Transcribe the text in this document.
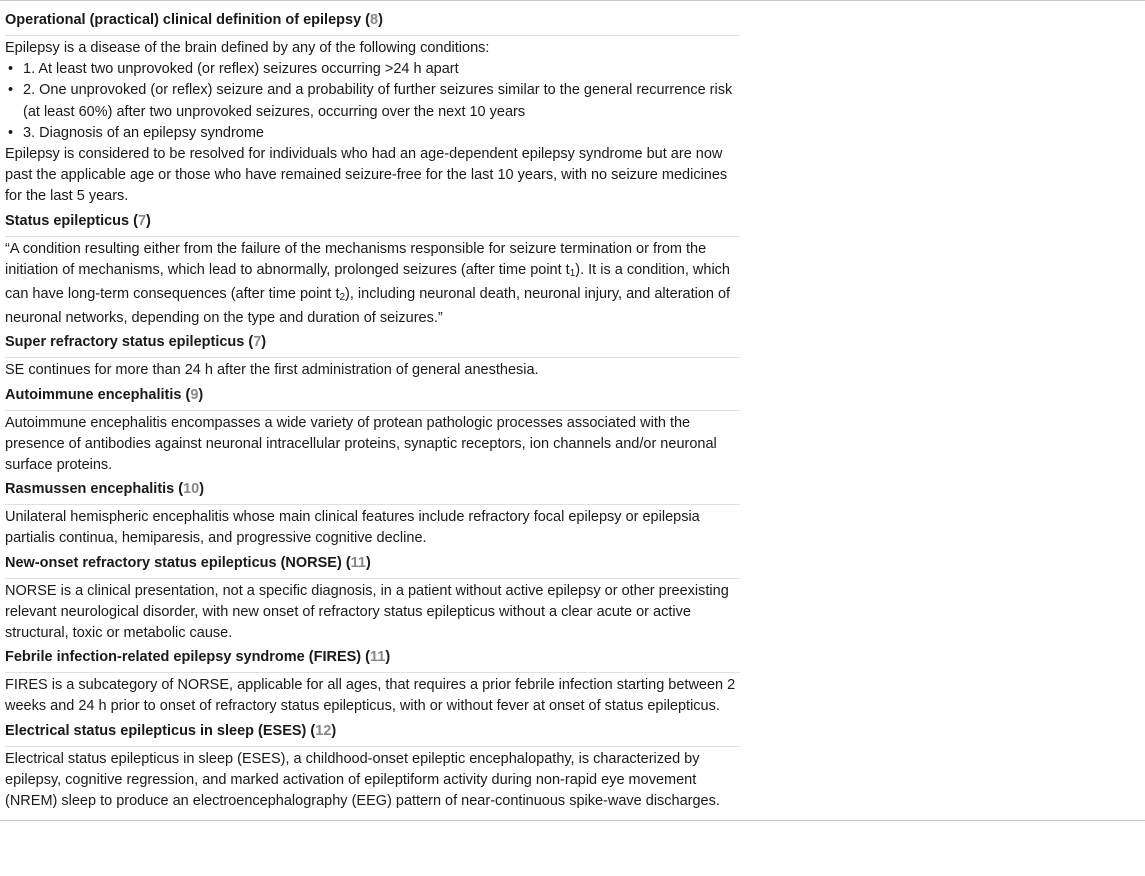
Operational (practical) clinical definition of epilepsy (8)

Epilepsy is a disease of the brain defined by any of the following conditions:

• 1. At least two unprovoked (or reflex) seizures occurring >24 h apart
• 2. One unprovoked (or reflex) seizure and a probability of further seizures similar to the general recurrence risk (at least 60%) after two unprovoked seizures, occurring over the next 10 years
• 3. Diagnosis of an epilepsy syndrome

Epilepsy is considered to be resolved for individuals who had an age-dependent epilepsy syndrome but are now past the applicable age or those who have remained seizure-free for the last 10 years, with no seizure medicines for the last 5 years.

Status epilepticus (7)

“A condition resulting either from the failure of the mechanisms responsible for seizure termination or from the initiation of mechanisms, which lead to abnormally, prolonged seizures (after time point $t_1$). It is a condition, which can have long-term consequences (after time point $t_2$), including neuronal death, neuronal injury, and alteration of neuronal networks, depending on the type and duration of seizures.”

Super refractory status epilepticus (7)

SE continues for more than 24 h after the first administration of general anesthesia.

Autoimmune encephalitis (9)

Autoimmune encephalitis encompasses a wide variety of protean pathologic processes associated with the presence of antibodies against neuronal intracellular proteins, synaptic receptors, ion channels and/or neuronal surface proteins.

Rasmussen encephalitis (10)

Unilateral hemispheric encephalitis whose main clinical features include refractory focal epilepsy or epilepsia partialis continua, hemiparesis, and progressive cognitive decline.

New-onset refractory status epilepticus (NORSE) (11)

NORSE is a clinical presentation, not a specific diagnosis, in a patient without active epilepsy or other preexisting relevant neurological disorder, with new onset of refractory status epilepticus without a clear acute or active structural, toxic or metabolic cause.

Febrile infection-related epilepsy syndrome (FIRES) (11)

FIRES is a subcategory of NORSE, applicable for all ages, that requires a prior febrile infection starting between 2 weeks and 24 h prior to onset of refractory status epilepticus, with or without fever at onset of status epilepticus.

Electrical status epilepticus in sleep (ESES) (12)

Electrical status epilepticus in sleep (ESES), a childhood-onset epileptic encephalopathy, is characterized by epilepsy, cognitive regression, and marked activation of epileptiform activity during non-rapid eye movement (NREM) sleep to produce an electroencephalography (EEG) pattern of near-continuous spike-wave discharges.
